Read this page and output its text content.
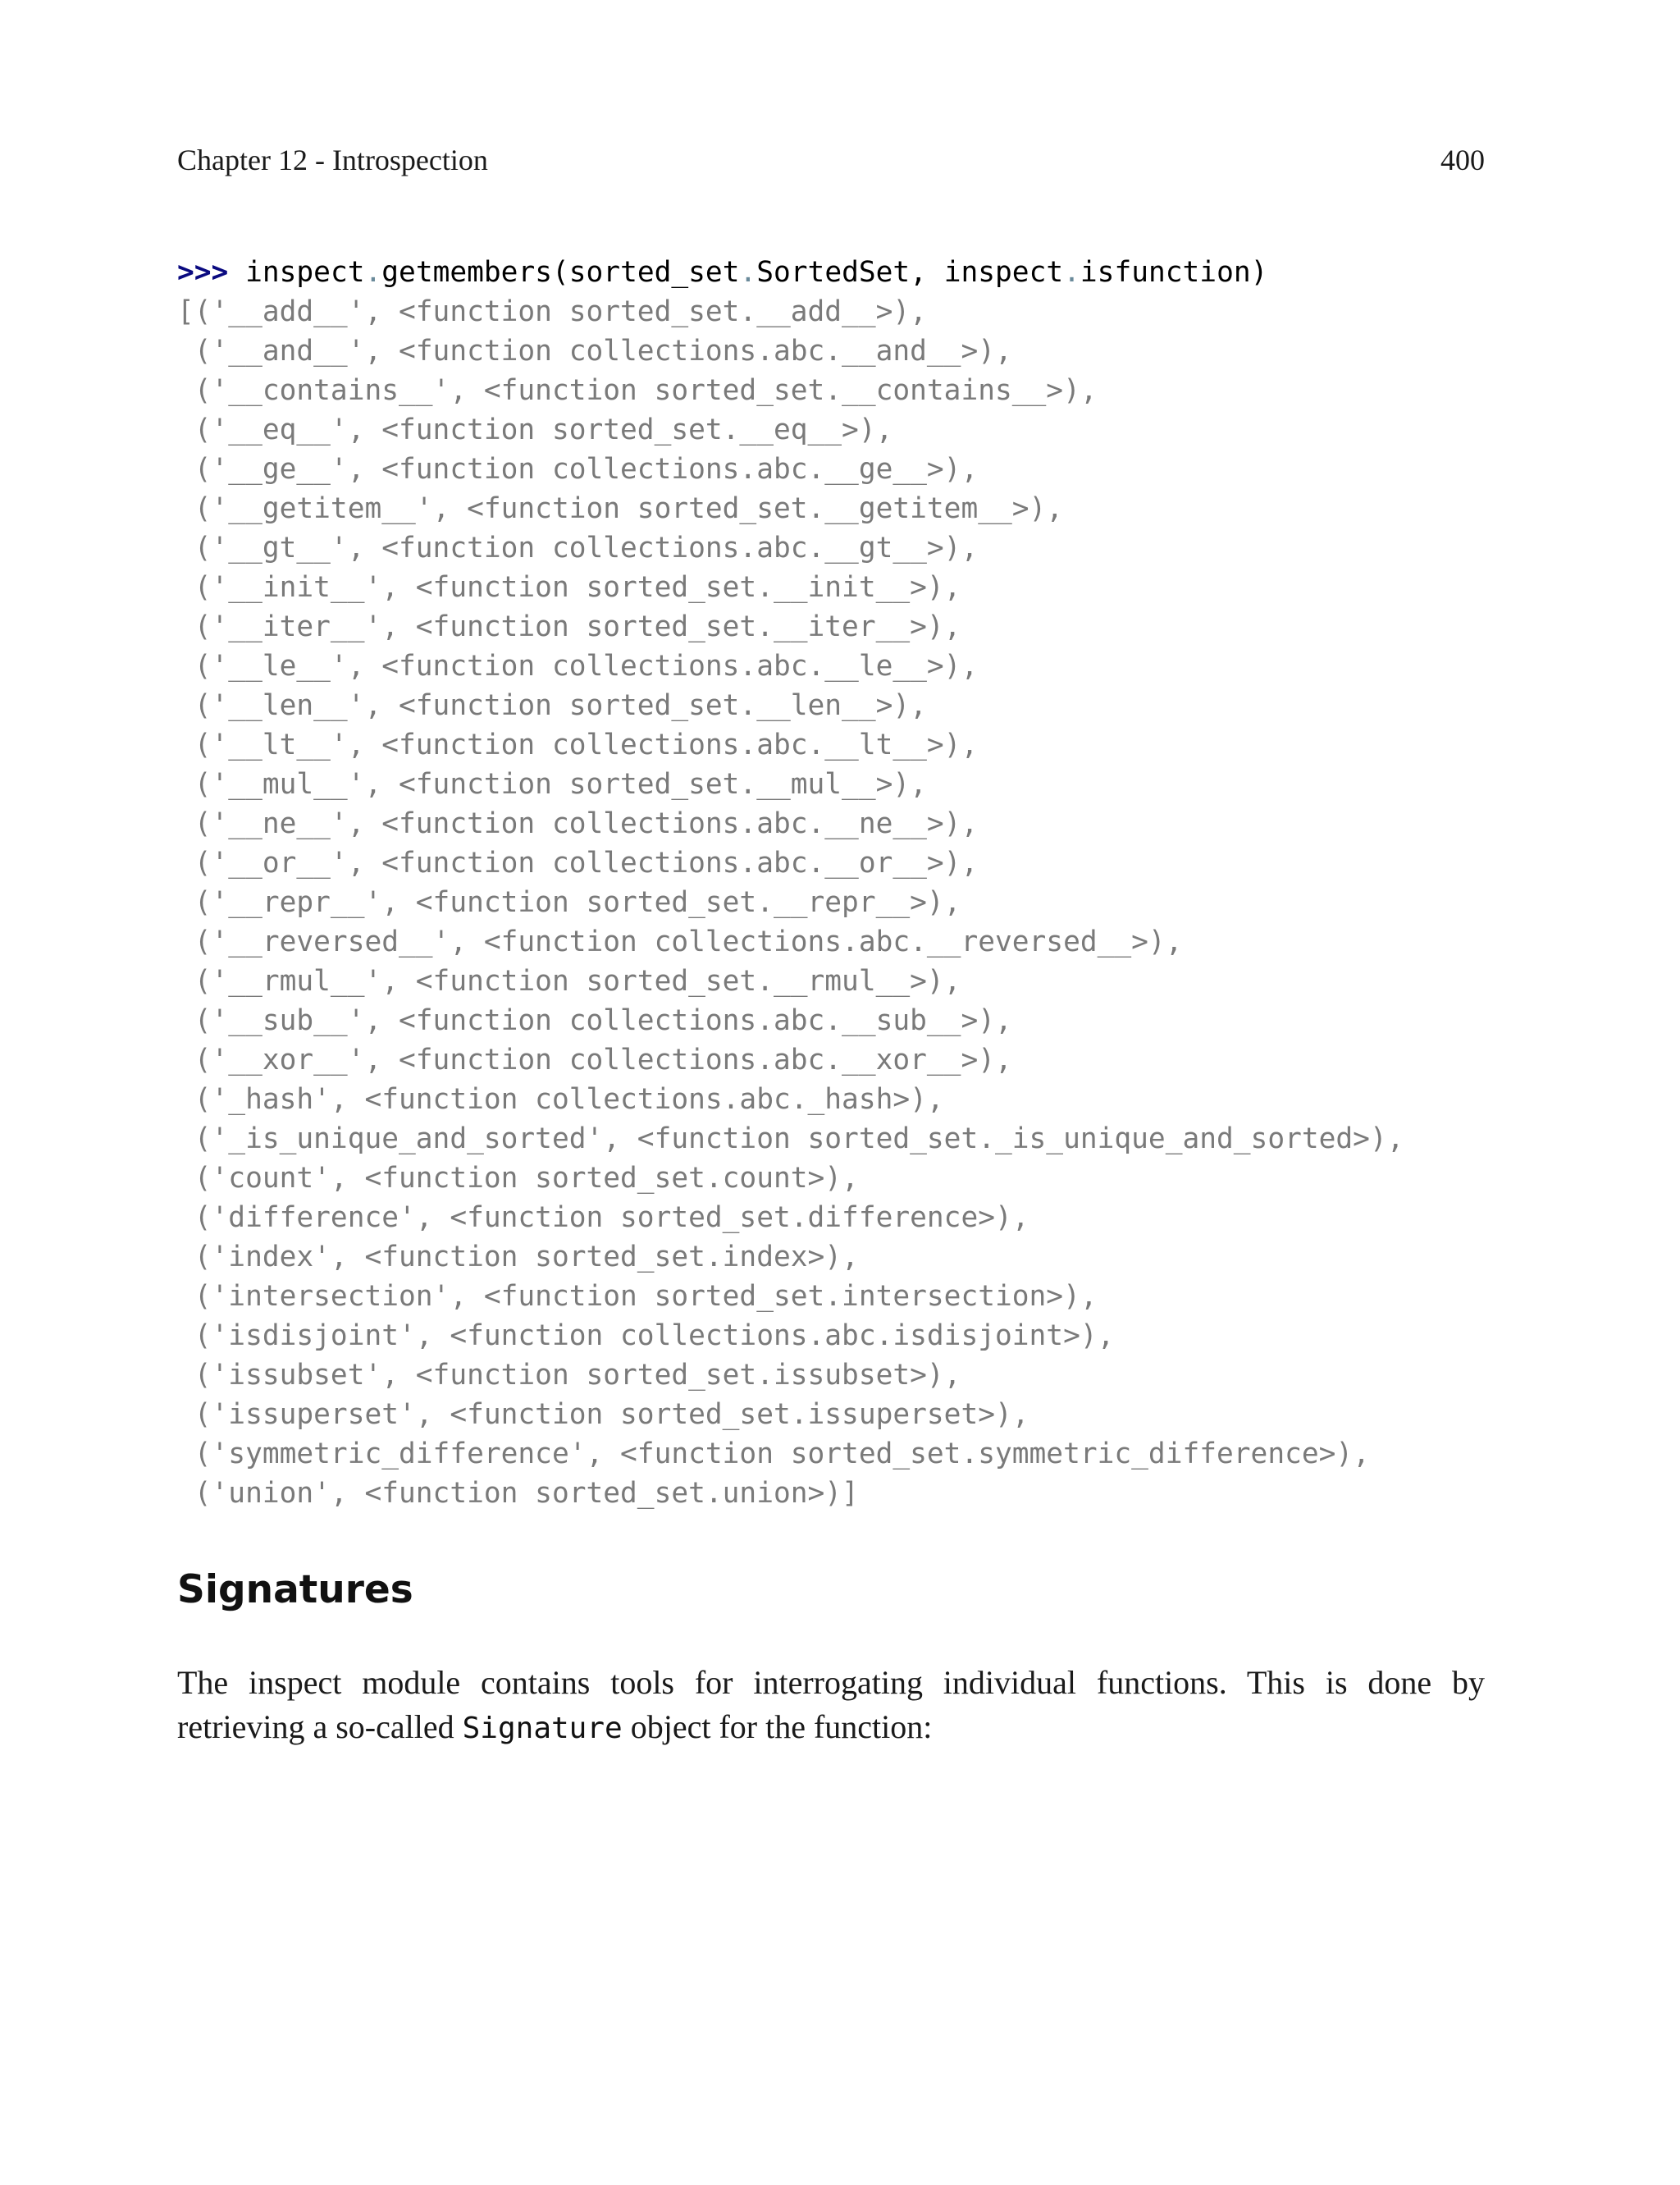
Chapter 12 - Introspection	400
>>> inspect.getmembers(sorted_set.SortedSet, inspect.isfunction)
[('__add__', <function sorted_set.__add__>),
('__and__', <function collections.abc.__and__>),
('__contains__', <function sorted_set.__contains__>),
('__eq__', <function sorted_set.__eq__>),
('__ge__', <function collections.abc.__ge__>),
('__getitem__', <function sorted_set.__getitem__>),
('__gt__', <function collections.abc.__gt__>),
('__init__', <function sorted_set.__init__>),
('__iter__', <function sorted_set.__iter__>),
('__le__', <function collections.abc.__le__>),
('__len__', <function sorted_set.__len__>),
('__lt__', <function collections.abc.__lt__>),
('__mul__', <function sorted_set.__mul__>),
('__ne__', <function collections.abc.__ne__>),
('__or__', <function collections.abc.__or__>),
('__repr__', <function sorted_set.__repr__>),
('__reversed__', <function collections.abc.__reversed__>),
('__rmul__', <function sorted_set.__rmul__>),
('__sub__', <function collections.abc.__sub__>),
('__xor__', <function collections.abc.__xor__>),
('_hash', <function collections.abc._hash>),
('_is_unique_and_sorted', <function sorted_set._is_unique_and_sorted>),
('count', <function sorted_set.count>),
('difference', <function sorted_set.difference>),
('index', <function sorted_set.index>),
('intersection', <function sorted_set.intersection>),
('isdisjoint', <function collections.abc.isdisjoint>),
('issubset', <function sorted_set.issubset>),
('issuperset', <function sorted_set.issuperset>),
('symmetric_difference', <function sorted_set.symmetric_difference>),
('union', <function sorted_set.union>)]
Signatures

The inspect module contains tools for interrogating individual functions. This is done by
retrieving a so-called Signature object for the function:
